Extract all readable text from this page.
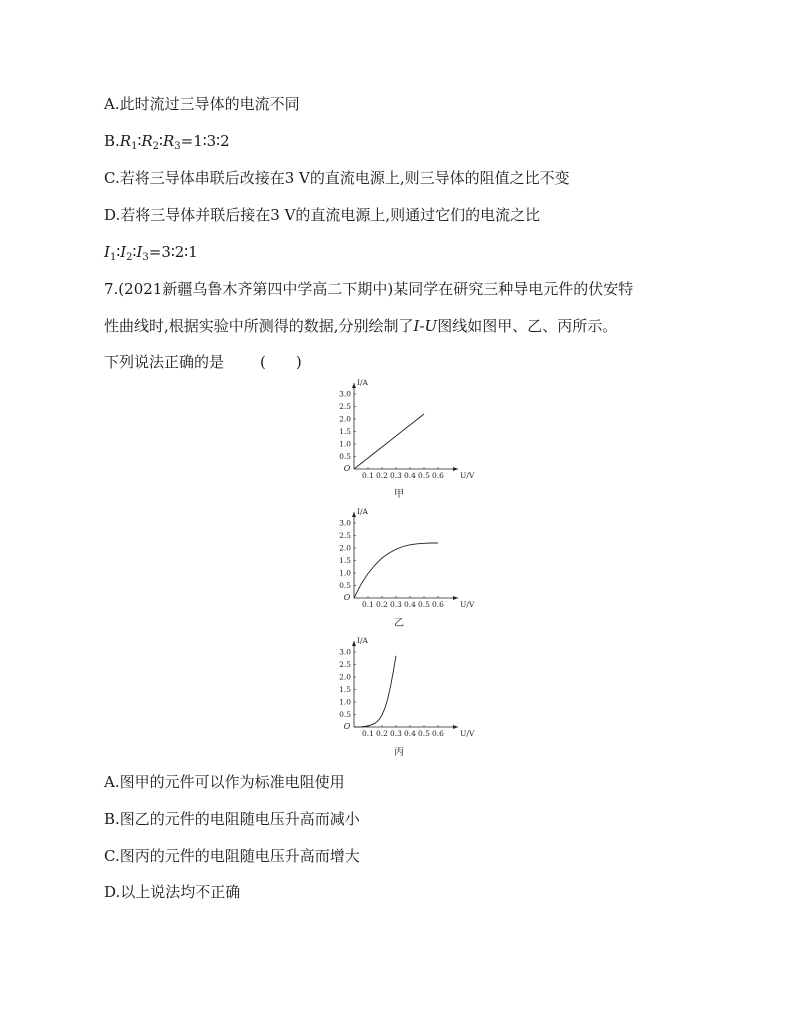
A.此时流过三导体的电流不同
$B.R_1∶R_2∶R_3=1∶3∶2$
C.若将三导体串联后改接在3 V的直流电源上,则三导体的阻值之比不变
D.若将三导体并联后接在3 V的直流电源上,则通过它们的电流之比
$I_1∶I_2∶I_3=3∶2∶1$
7.(2021新疆乌鲁木齐第四中学高二下期中)某同学在研究三种导电元件的伏安特
性曲线时,根据实验中所测得的数据,分别绘制了I-U图线如图甲、乙、丙所示。
下列说法正确的是 (　　)
0.1 0.2 0.3 0.4 0.5 0.6
0.5
1.0
1.5
2.0
2.5
3.0
O
I/A
U/V
甲
0.1 0.2 0.3 0.4 0.5 0.6
0.5
1.0
1.5
2.0
2.5
3.0
O
I/A
U/V
乙
0.1 0.2 0.3 0.4 0.5 0.6
0.5
1.0
1.5
2.0
2.5
3.0
O
I/A
U/V
丙
A.图甲的元件可以作为标准电阻使用
B.图乙的元件的电阻随电压升高而减小
C.图丙的元件的电阻随电压升高而增大
D.以上说法均不正确
